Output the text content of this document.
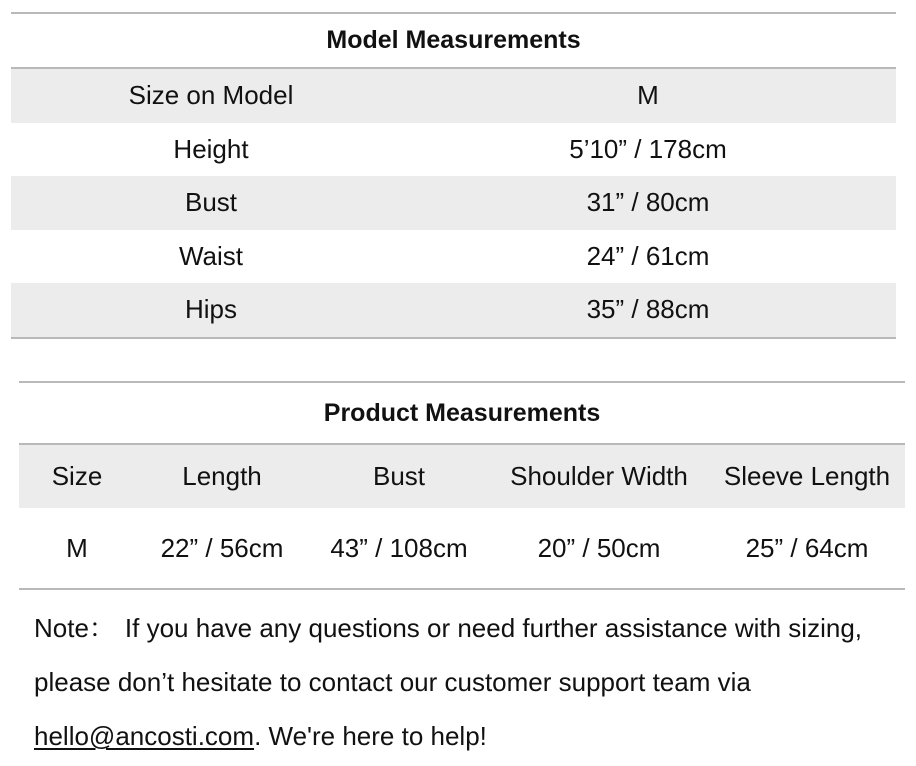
Model Measurements
Size on Model	M
Height	5’10” / 178cm
Bust	31” / 80cm
Waist	24” / 61cm
Hips	35” / 88cm
Product Measurements
Size	Length	Bust	Shoulder Width	Sleeve Length
M	22” / 56cm	43” / 108cm	20” / 50cm	25” / 64cm

Note： If you have any questions or need further assistance with sizing,

please don’t hesitate to contact our customer support team via

hello@ancosti.com. We're here to help!
